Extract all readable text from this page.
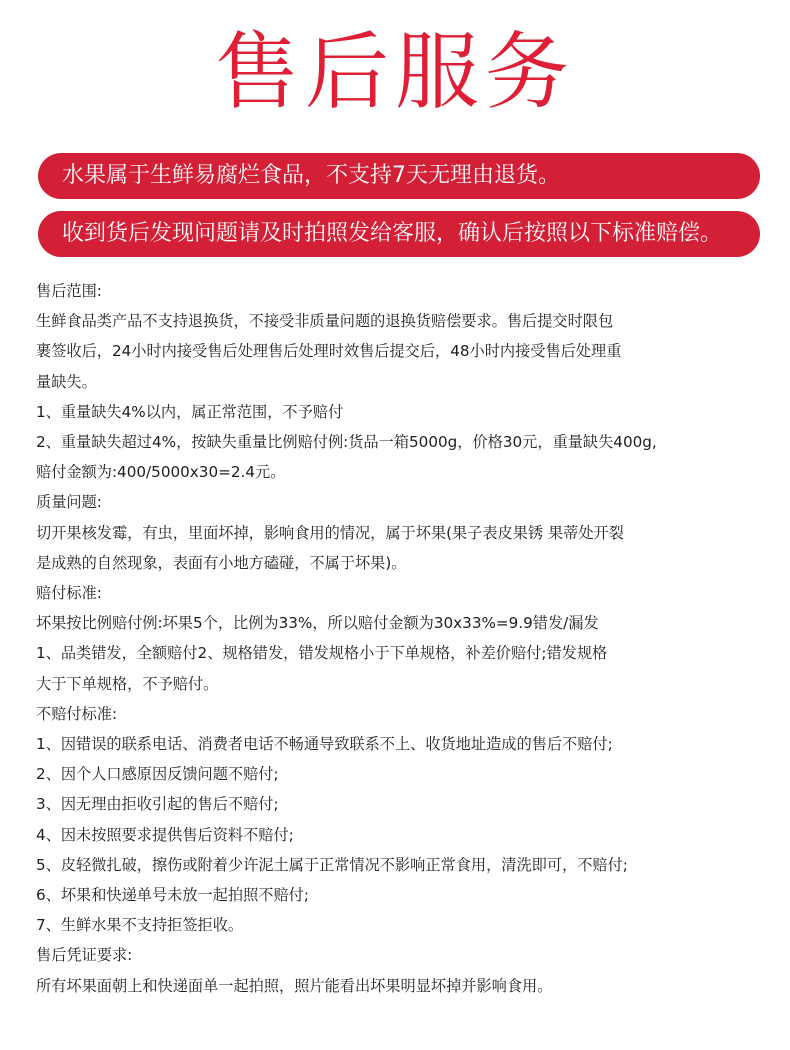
售后服务
水果属于生鲜易腐烂食品，不支持7天无理由退货。
收到货后发现问题请及时拍照发给客服，确认后按照以下标准赔偿。
售后范围:
生鲜食品类产品不支持退换货，不接受非质量问题的退换货赔偿要求。售后提交时限包
裹签收后，24小时内接受售后处理售后处理时效售后提交后，48小时内接受售后处理重
量缺失。
1、重量缺失4%以内，属正常范围，不予赔付
2、重量缺失超过4%，按缺失重量比例赔付例:货品一箱5000g，价格30元，重量缺失400g,
赔付金额为:400/5000x30=2.4元。
质量问题:
切开果核发霉，有虫，里面坏掉，影响食用的情况，属于坏果(果子表皮果锈 果蒂处开裂
是成熟的自然现象，表面有小地方磕碰，不属于坏果)。
赔付标准:
坏果按比例赔付例:坏果5个，比例为33%，所以赔付金额为30x33%=9.9错发/漏发
1、品类错发，全额赔付2、规格错发，错发规格小于下单规格，补差价赔付;错发规格
大于下单规格，不予赔付。
不赔付标准:
1、因错误的联系电话、消费者电话不畅通导致联系不上、收货地址造成的售后不赔付;
2、因个人口感原因反馈问题不赔付;
3、因无理由拒收引起的售后不赔付;
4、因未按照要求提供售后资料不赔付;
5、皮轻微扎破，擦伤或附着少许泥土属于正常情况不影响正常食用，清洗即可，不赔付;
6、坏果和快递单号未放一起拍照不赔付;
7、生鲜水果不支持拒签拒收。
售后凭证要求:
所有坏果面朝上和快递面单一起拍照，照片能看出坏果明显坏掉并影响食用。
